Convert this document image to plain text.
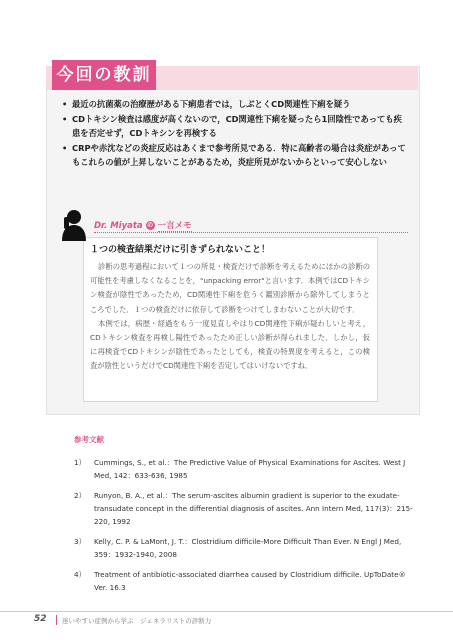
今回の教訓
• 最近の抗菌薬の治療歴がある下痢患者では，しぶとくCD関連性下痢を疑う
• CDトキシン検査は感度が高くないので，CD関連性下痢を疑ったら1回陰性であっても疾患を否定せず，CDトキシンを再検する
• CRPや赤沈などの炎症反応はあくまで参考所見である．特に高齢者の場合は炎症があってもこれらの値が上昇しないことがあるため，炎症所見がないからといって安心しない
Dr. Miyata の 一言メモ
１つの検査結果だけに引きずられないこと！

診断の思考過程において１つの所見・検査だけで診断を考えるためにほかの診断の可能性を考慮しなくなることを，"unpacking error"と言います．本例ではCDトキシン検査が陰性であったため，CD関連性下痢を危うく鑑別診断から除外してしまうところでした．１つの検査だけに依存して診断をつけてしまわないことが大切です．

本例では，病歴・経過をもう一度見直しやはりCD関連性下痢が疑わしいと考え，CDトキシン検査を再検し陽性であったため正しい診断が得られました．しかし，仮に再検査でCDトキシンが陰性であったとしても，検査の特異度を考えると，この検査が陰性というだけでCD関連性下痢を否定してはいけないですね．

参考文献
1） Cummings, S., et al.：The Predictive Value of Physical Examinations for Ascites. West J Med, 142：633-636, 1985
2） Runyon, B. A., et al.：The serum-ascites albumin gradient is superior to the exudate-transudate concept in the differential diagnosis of ascites. Ann Intern Med, 117(3)：215-220, 1992
3） Kelly, C. P. & LaMont, J. T.：Clostridium difficile-More Difficult Than Ever. N Engl J Med, 359：1932-1940, 2008
4） Treatment of antibiotic-associated diarrhea caused by Clostridium difficile. UpToDate® Ver. 16.3
52 迷いやすい症例から学ぶ　ジェネラリストの診断力
